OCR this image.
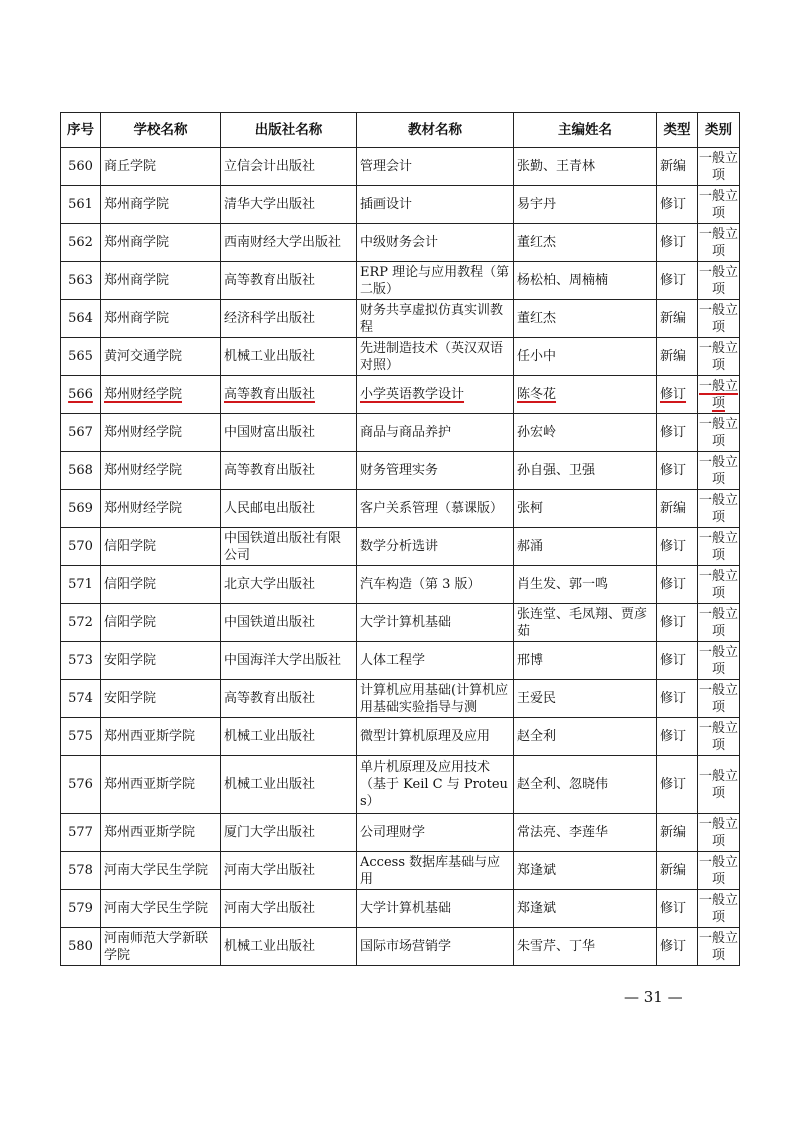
序号	学校名称	出版社名称	教材名称	主编姓名	类型	类别
560	商丘学院	立信会计出版社	管理会计	张勤、王青林	新编	一般立项
561	郑州商学院	清华大学出版社	插画设计	易宇丹	修订	一般立项
562	郑州商学院	西南财经大学出版社	中级财务会计	董红杰	修订	一般立项
563	郑州商学院	高等教育出版社	ERP 理论与应用教程（第二版）	杨松柏、周楠楠	修订	一般立项
564	郑州商学院	经济科学出版社	财务共享虚拟仿真实训教程	董红杰	新编	一般立项
565	黄河交通学院	机械工业出版社	先进制造技术（英汉双语对照）	任小中	新编	一般立项
566	郑州财经学院	高等教育出版社	小学英语教学设计	陈冬花	修订	一般立项
567	郑州财经学院	中国财富出版社	商品与商品养护	孙宏岭	修订	一般立项
568	郑州财经学院	高等教育出版社	财务管理实务	孙自强、卫强	修订	一般立项
569	郑州财经学院	人民邮电出版社	客户关系管理（慕课版）	张柯	新编	一般立项
570	信阳学院	中国铁道出版社有限公司	数学分析选讲	郝涌	修订	一般立项
571	信阳学院	北京大学出版社	汽车构造（第 3 版）	肖生发、郭一鸣	修订	一般立项
572	信阳学院	中国铁道出版社	大学计算机基础	张连堂、毛凤翔、贾彦茹	修订	一般立项
573	安阳学院	中国海洋大学出版社	人体工程学	邢博	修订	一般立项
574	安阳学院	高等教育出版社	计算机应用基础(计算机应用基础实验指导与测	王爱民	修订	一般立项
575	郑州西亚斯学院	机械工业出版社	微型计算机原理及应用	赵全利	修订	一般立项
576	郑州西亚斯学院	机械工业出版社	单片机原理及应用技术（基于 Keil C 与 Proteus）	赵全利、忽晓伟	修订	一般立项
577	郑州西亚斯学院	厦门大学出版社	公司理财学	常法亮、李莲华	新编	一般立项
578	河南大学民生学院	河南大学出版社	Access 数据库基础与应用	郑逢斌	新编	一般立项
579	河南大学民生学院	河南大学出版社	大学计算机基础	郑逢斌	修订	一般立项
580	河南师范大学新联学院	机械工业出版社	国际市场营销学	朱雪芹、丁华	修订	一般立项
— 31 —
